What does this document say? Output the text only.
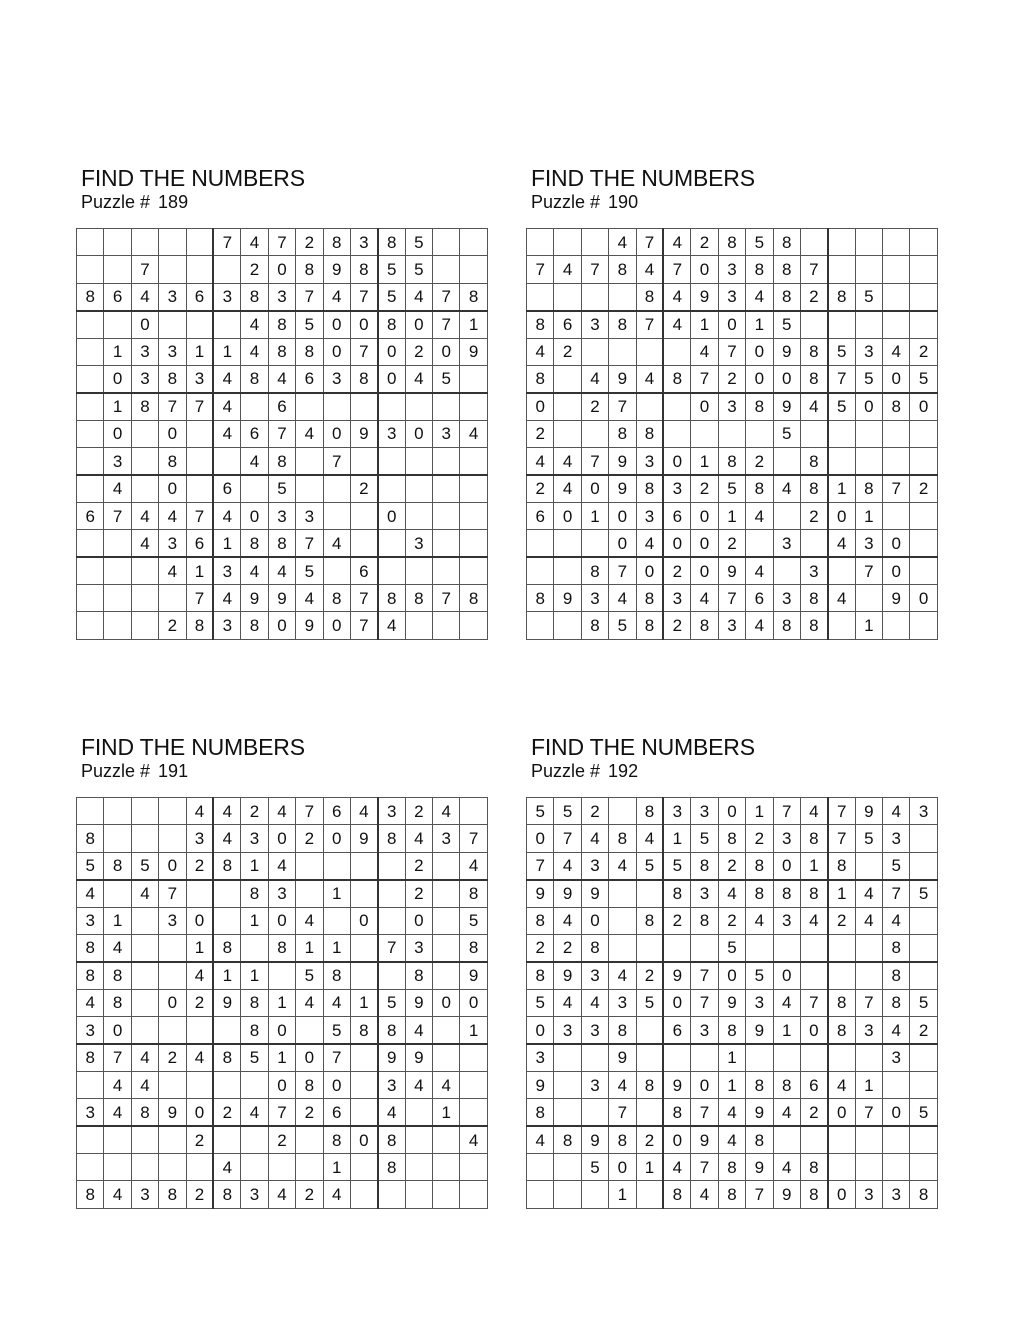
FIND THE NUMBERS
Puzzle # 189
					7	4	7	2	8	3	8	5		
		7				2	0	8	9	8	5	5		
8	6	4	3	6	3	8	3	7	4	7	5	4	7	8
		0				4	8	5	0	0	8	0	7	1
	1	3	3	1	1	4	8	8	0	7	0	2	0	9
	0	3	8	3	4	8	4	6	3	8	0	4	5	
	1	8	7	7	4		6							
	0		0		4	6	7	4	0	9	3	0	3	4
	3		8			4	8		7					
	4		0		6		5			2				
6	7	4	4	7	4	0	3	3			0			
		4	3	6	1	8	8	7	4			3		
			4	1	3	4	4	5		6				
				7	4	9	9	4	8	7	8	8	7	8
			2	8	3	8	0	9	0	7	4			
FIND THE NUMBERS
Puzzle # 190
			4	7	4	2	8	5	8					
7	4	7	8	4	7	0	3	8	8	7				
				8	4	9	3	4	8	2	8	5		
8	6	3	8	7	4	1	0	1	5					
4	2					4	7	0	9	8	5	3	4	2
8		4	9	4	8	7	2	0	0	8	7	5	0	5
0		2	7			0	3	8	9	4	5	0	8	0
2			8	8					5					
4	4	7	9	3	0	1	8	2		8				
2	4	0	9	8	3	2	5	8	4	8	1	8	7	2
6	0	1	0	3	6	0	1	4		2	0	1		
			0	4	0	0	2		3		4	3	0	
		8	7	0	2	0	9	4		3		7	0	
8	9	3	4	8	3	4	7	6	3	8	4		9	0
		8	5	8	2	8	3	4	8	8		1		
FIND THE NUMBERS
Puzzle # 191
				4	4	2	4	7	6	4	3	2	4	
8				3	4	3	0	2	0	9	8	4	3	7
5	8	5	0	2	8	1	4					2		4
4		4	7			8	3		1			2		8
3	1		3	0		1	0	4		0		0		5
8	4			1	8		8	1	1		7	3		8
8	8			4	1	1		5	8			8		9
4	8		0	2	9	8	1	4	4	1	5	9	0	0
3	0					8	0		5	8	8	4		1
8	7	4	2	4	8	5	1	0	7		9	9		
	4	4					0	8	0		3	4	4	
3	4	8	9	0	2	4	7	2	6		4		1	
				2			2		8	0	8			4
					4				1		8			
8	4	3	8	2	8	3	4	2	4					
FIND THE NUMBERS
Puzzle # 192
5	5	2		8	3	3	0	1	7	4	7	9	4	3
0	7	4	8	4	1	5	8	2	3	8	7	5	3	
7	4	3	4	5	5	8	2	8	0	1	8		5	
9	9	9			8	3	4	8	8	8	1	4	7	5
8	4	0		8	2	8	2	4	3	4	2	4	4	
2	2	8					5						8	
8	9	3	4	2	9	7	0	5	0				8	
5	4	4	3	5	0	7	9	3	4	7	8	7	8	5
0	3	3	8		6	3	8	9	1	0	8	3	4	2
3			9				1						3	
9		3	4	8	9	0	1	8	8	6	4	1		
8			7		8	7	4	9	4	2	0	7	0	5
4	8	9	8	2	0	9	4	8						
		5	0	1	4	7	8	9	4	8				
			1		8	4	8	7	9	8	0	3	3	8
